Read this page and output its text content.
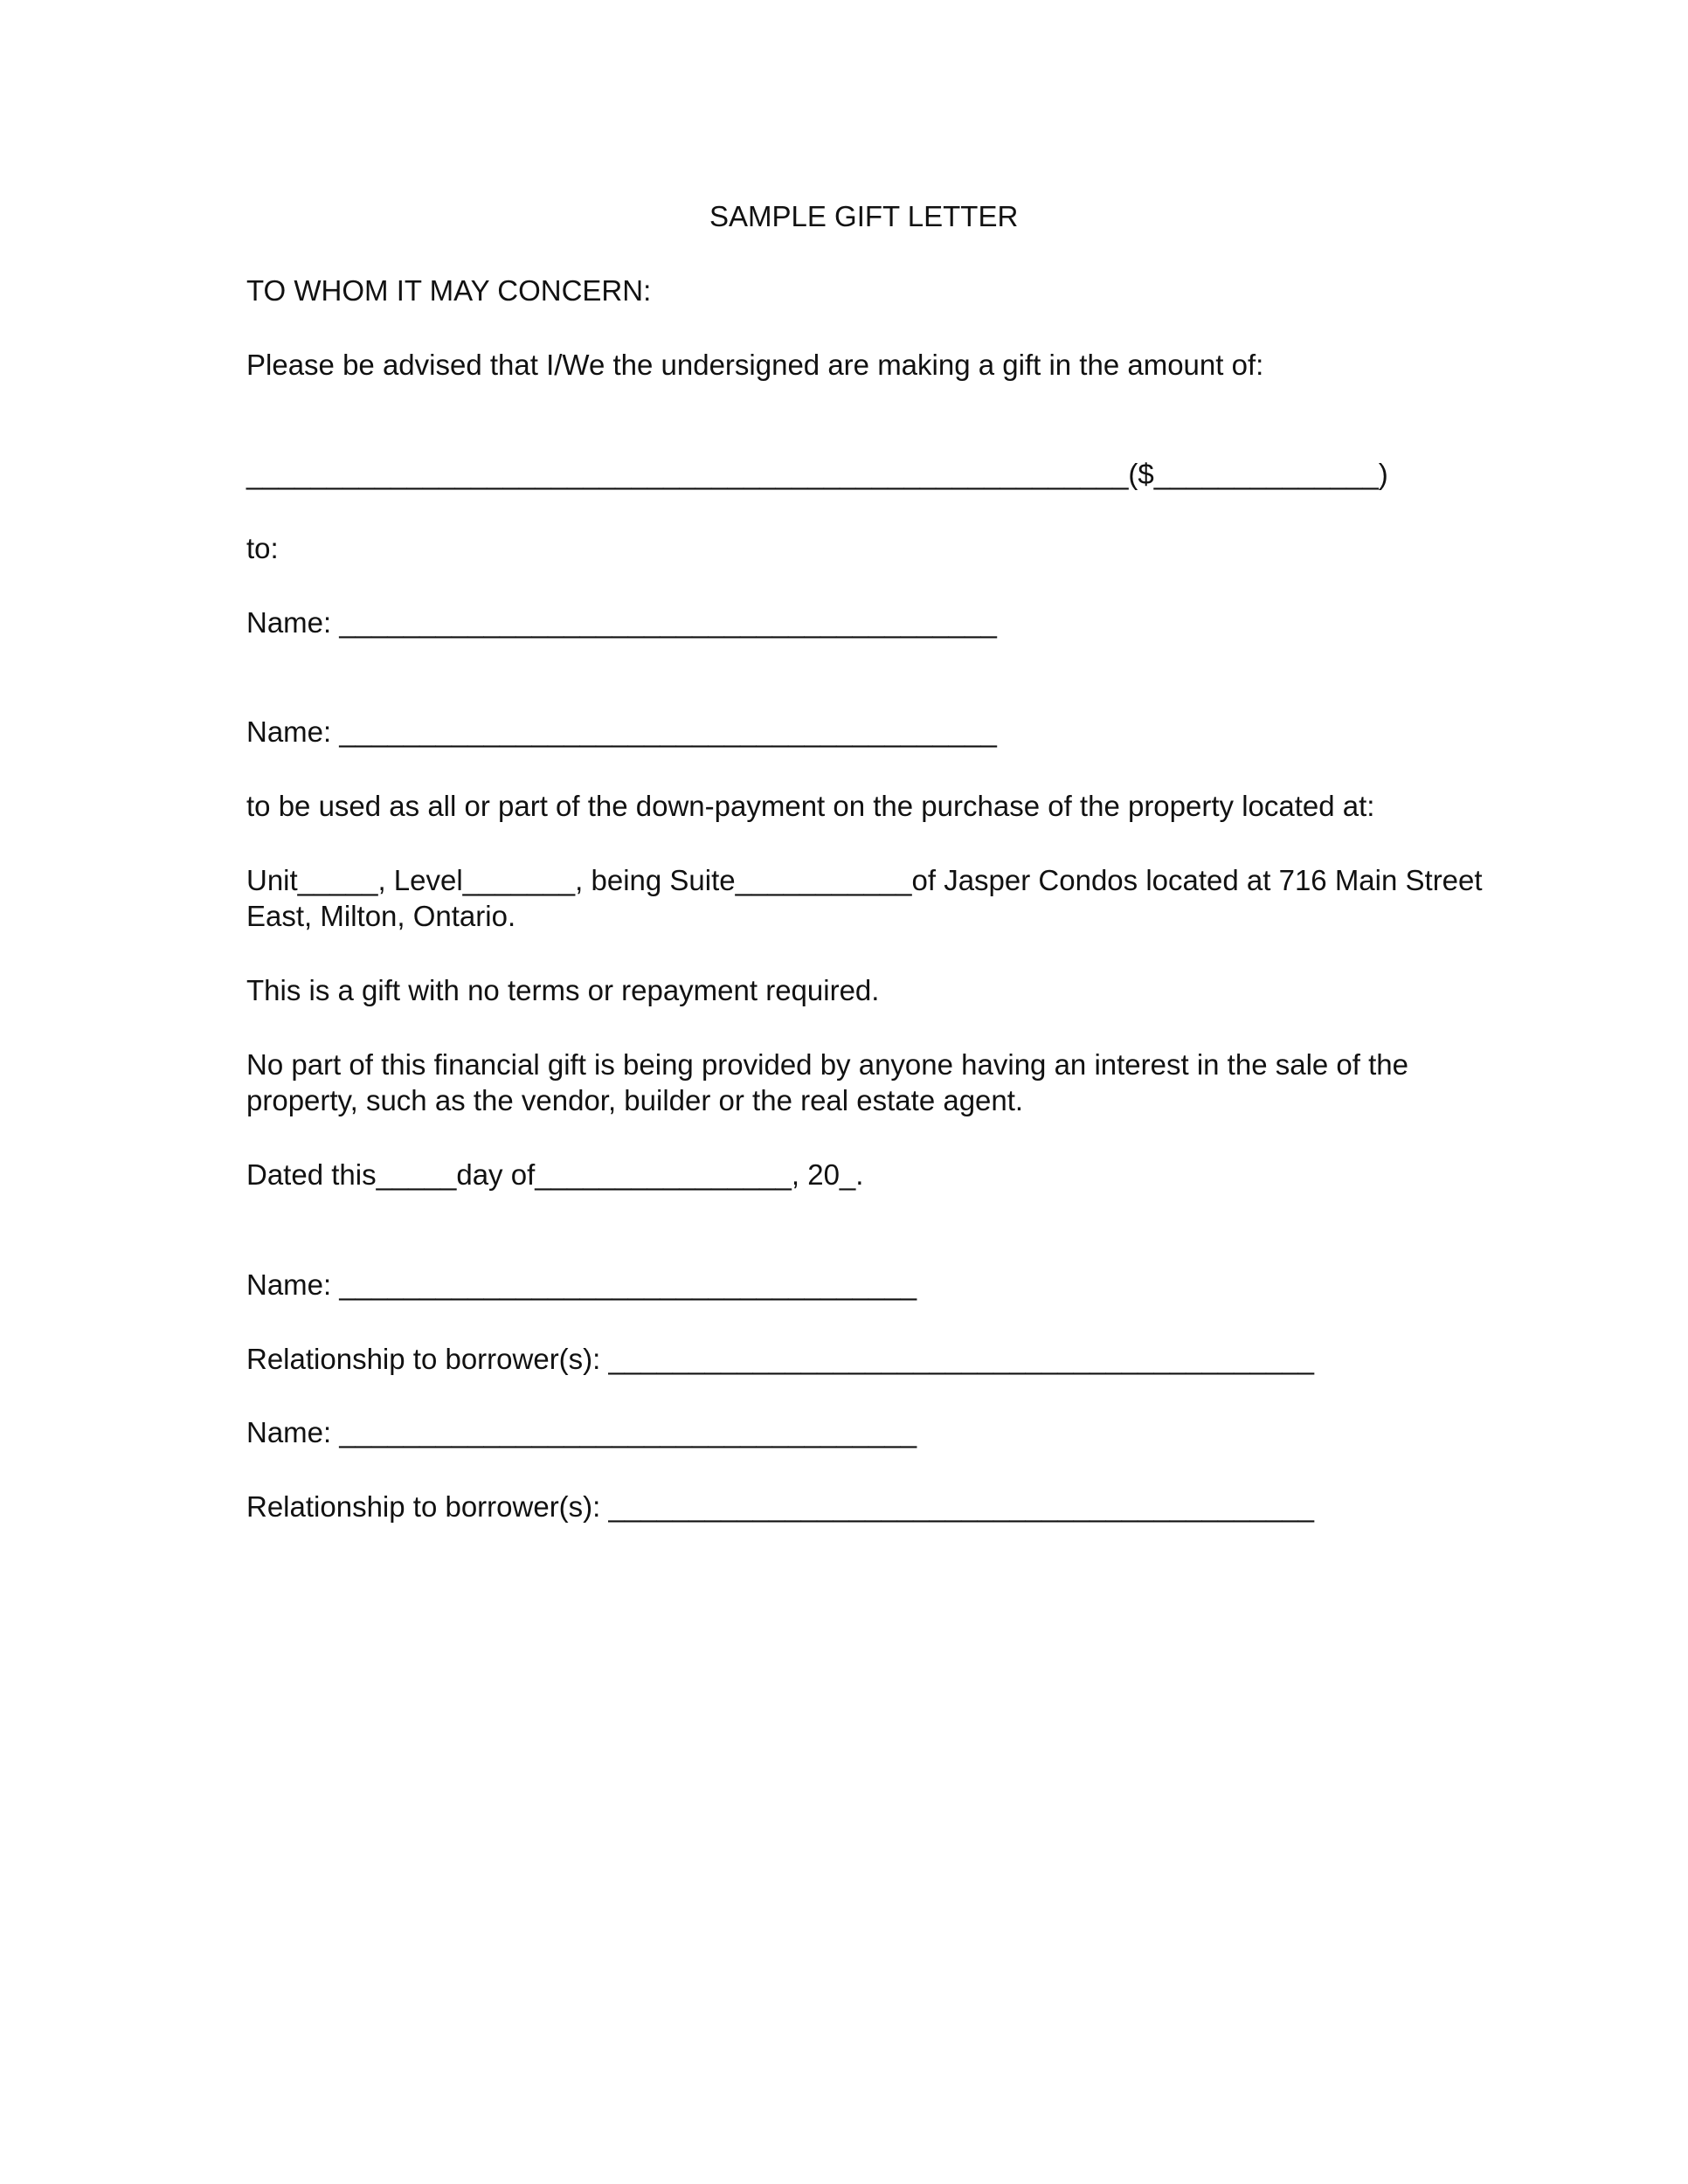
SAMPLE GIFT LETTER
TO WHOM IT MAY CONCERN:
Please be advised that I/We the undersigned are making a gift in the amount of:
_______________________________________________________($______________)
to:
Name: _________________________________________
Name: _________________________________________
to be used as all or part of the down-payment on the purchase of the property located at:
Unit_____, Level_______, being Suite___________of Jasper Condos located at 716 Main Street
East, Milton, Ontario.
This is a gift with no terms or repayment required.
No part of this financial gift is being provided by anyone having an interest in the sale of the
property, such as the vendor, builder or the real estate agent.
Dated this_____day of________________, 20_.
Name: ____________________________________
Relationship to borrower(s): ____________________________________________
Name: ____________________________________
Relationship to borrower(s): ____________________________________________
